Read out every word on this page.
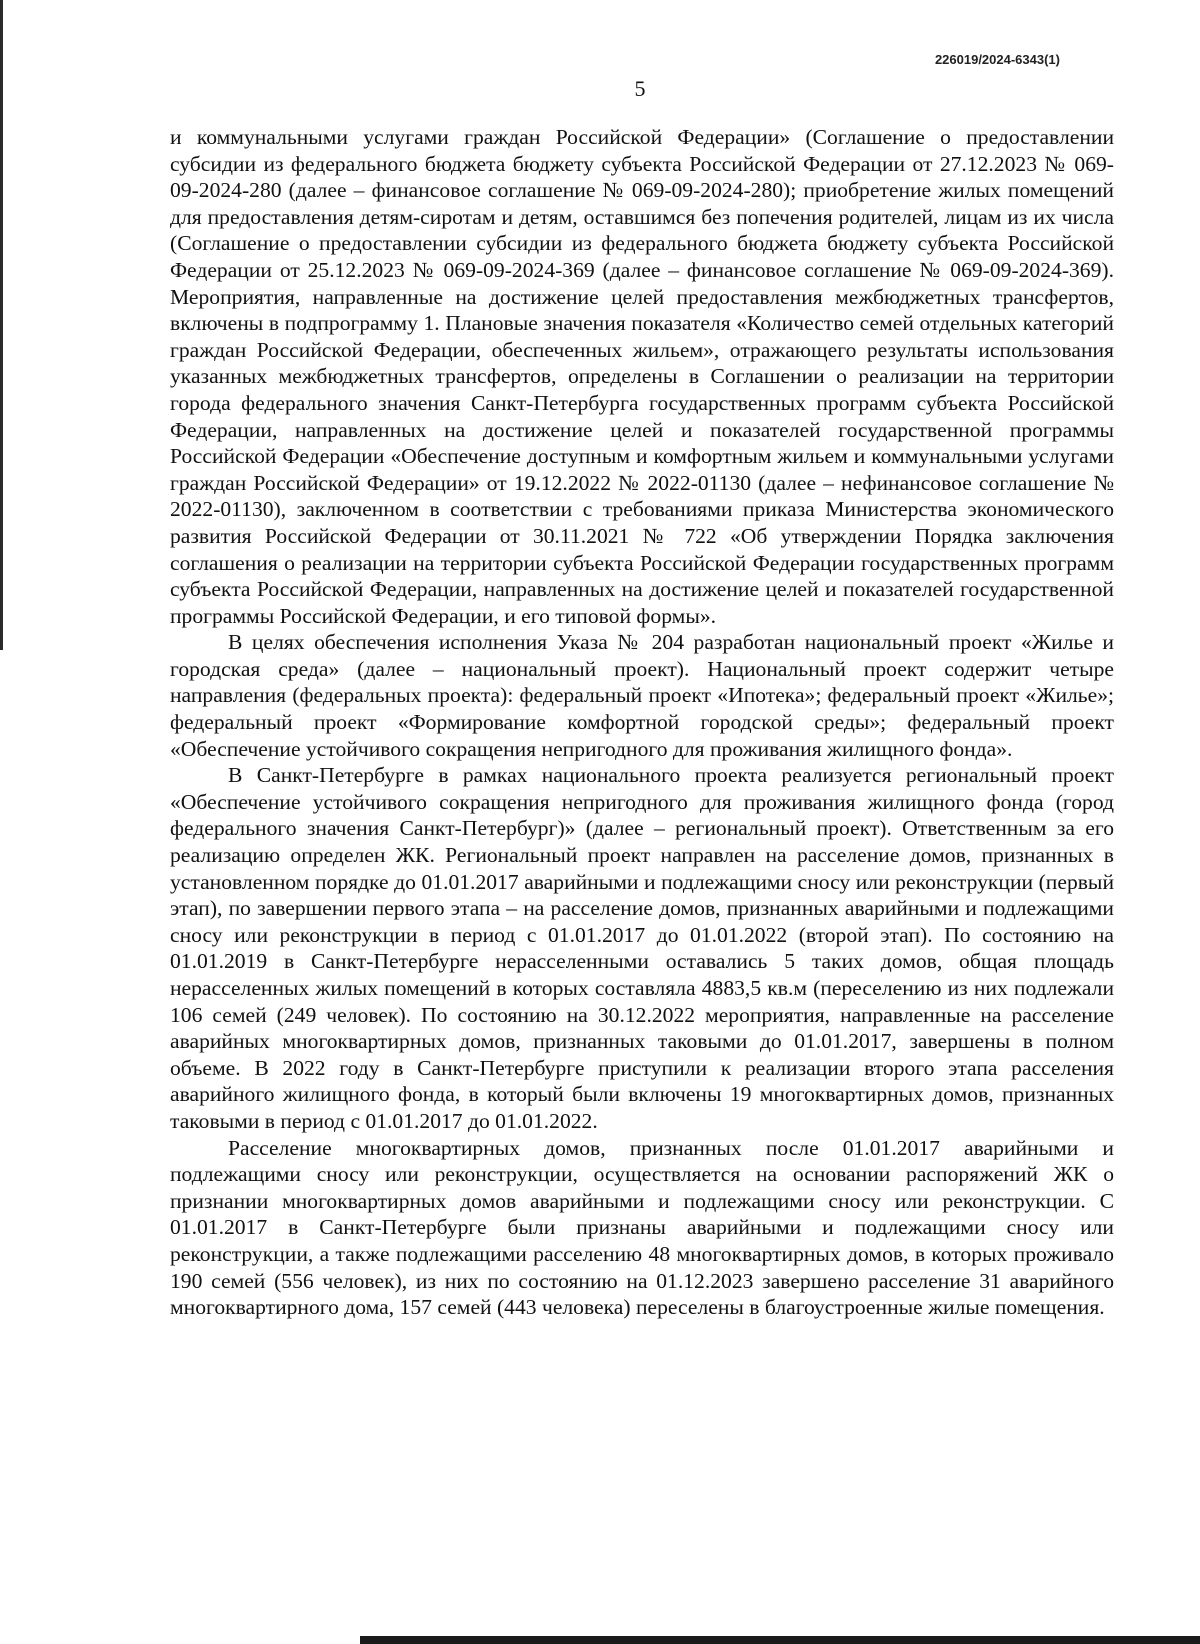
226019/2024-6343(1)
5

и коммунальными услугами граждан Российской Федерации» (Соглашение о предоставлении субсидии из федерального бюджета бюджету субъекта Российской Федерации от 27.12.2023 № 069-09-2024-280 (далее – финансовое соглашение № 069-09-2024-280); приобретение жилых помещений для предоставления детям-сиротам и детям, оставшимся без попечения родителей, лицам из их числа (Соглашение о предоставлении субсидии из федерального бюджета бюджету субъекта Российской Федерации от 25.12.2023 № 069-09-2024-369 (далее – финансовое соглашение № 069-09-2024-369). Мероприятия, направленные на достижение целей предоставления межбюджетных трансфертов, включены в подпрограмму 1. Плановые значения показателя «Количество семей отдельных категорий граждан Российской Федерации, обеспеченных жильем», отражающего результаты использования указанных межбюджетных трансфертов, определены в Соглашении о реализации на территории города федерального значения Санкт-Петербурга государственных программ субъекта Российской Федерации, направленных на достижение целей и показателей государственной программы Российской Федерации «Обеспечение доступным и комфортным жильем и коммунальными услугами граждан Российской Федерации» от 19.12.2022 № 2022-01130 (далее – нефинансовое соглашение № 2022-01130), заключенном в соответствии с требованиями приказа Министерства экономического развития Российской Федерации от 30.11.2021 № 722 «Об утверждении Порядка заключения соглашения о реализации на территории субъекта Российской Федерации государственных программ субъекта Российской Федерации, направленных на достижение целей и показателей государственной программы Российской Федерации, и его типовой формы».

В целях обеспечения исполнения Указа № 204 разработан национальный проект «Жилье и городская среда» (далее – национальный проект). Национальный проект содержит четыре направления (федеральных проекта): федеральный проект «Ипотека»; федеральный проект «Жилье»; федеральный проект «Формирование комфортной городской среды»; федеральный проект «Обеспечение устойчивого сокращения непригодного для проживания жилищного фонда».

В Санкт-Петербурге в рамках национального проекта реализуется региональный проект «Обеспечение устойчивого сокращения непригодного для проживания жилищного фонда (город федерального значения Санкт-Петербург)» (далее – региональный проект). Ответственным за его реализацию определен ЖК. Региональный проект направлен на расселение домов, признанных в установленном порядке до 01.01.2017 аварийными и подлежащими сносу или реконструкции (первый этап), по завершении первого этапа – на расселение домов, признанных аварийными и подлежащими сносу или реконструкции в период с 01.01.2017 до 01.01.2022 (второй этап). По состоянию на 01.01.2019 в Санкт-Петербурге нерасселенными оставались 5 таких домов, общая площадь нерасселенных жилых помещений в которых составляла 4883,5 кв.м (переселению из них подлежали 106 семей (249 человек). По состоянию на 30.12.2022 мероприятия, направленные на расселение аварийных многоквартирных домов, признанных таковыми до 01.01.2017, завершены в полном объеме. В 2022 году в Санкт-Петербурге приступили к реализации второго этапа расселения аварийного жилищного фонда, в который были включены 19 многоквартирных домов, признанных таковыми в период с 01.01.2017 до 01.01.2022.

Расселение многоквартирных домов, признанных после 01.01.2017 аварийными и подлежащими сносу или реконструкции, осуществляется на основании распоряжений ЖК о признании многоквартирных домов аварийными и подлежащими сносу или реконструкции. С 01.01.2017 в Санкт-Петербурге были признаны аварийными и подлежащими сносу или реконструкции, а также подлежащими расселению 48 многоквартирных домов, в которых проживало 190 семей (556 человек), из них по состоянию на 01.12.2023 завершено расселение 31 аварийного многоквартирного дома, 157 семей (443 человека) переселены в благоустроенные жилые помещения.
